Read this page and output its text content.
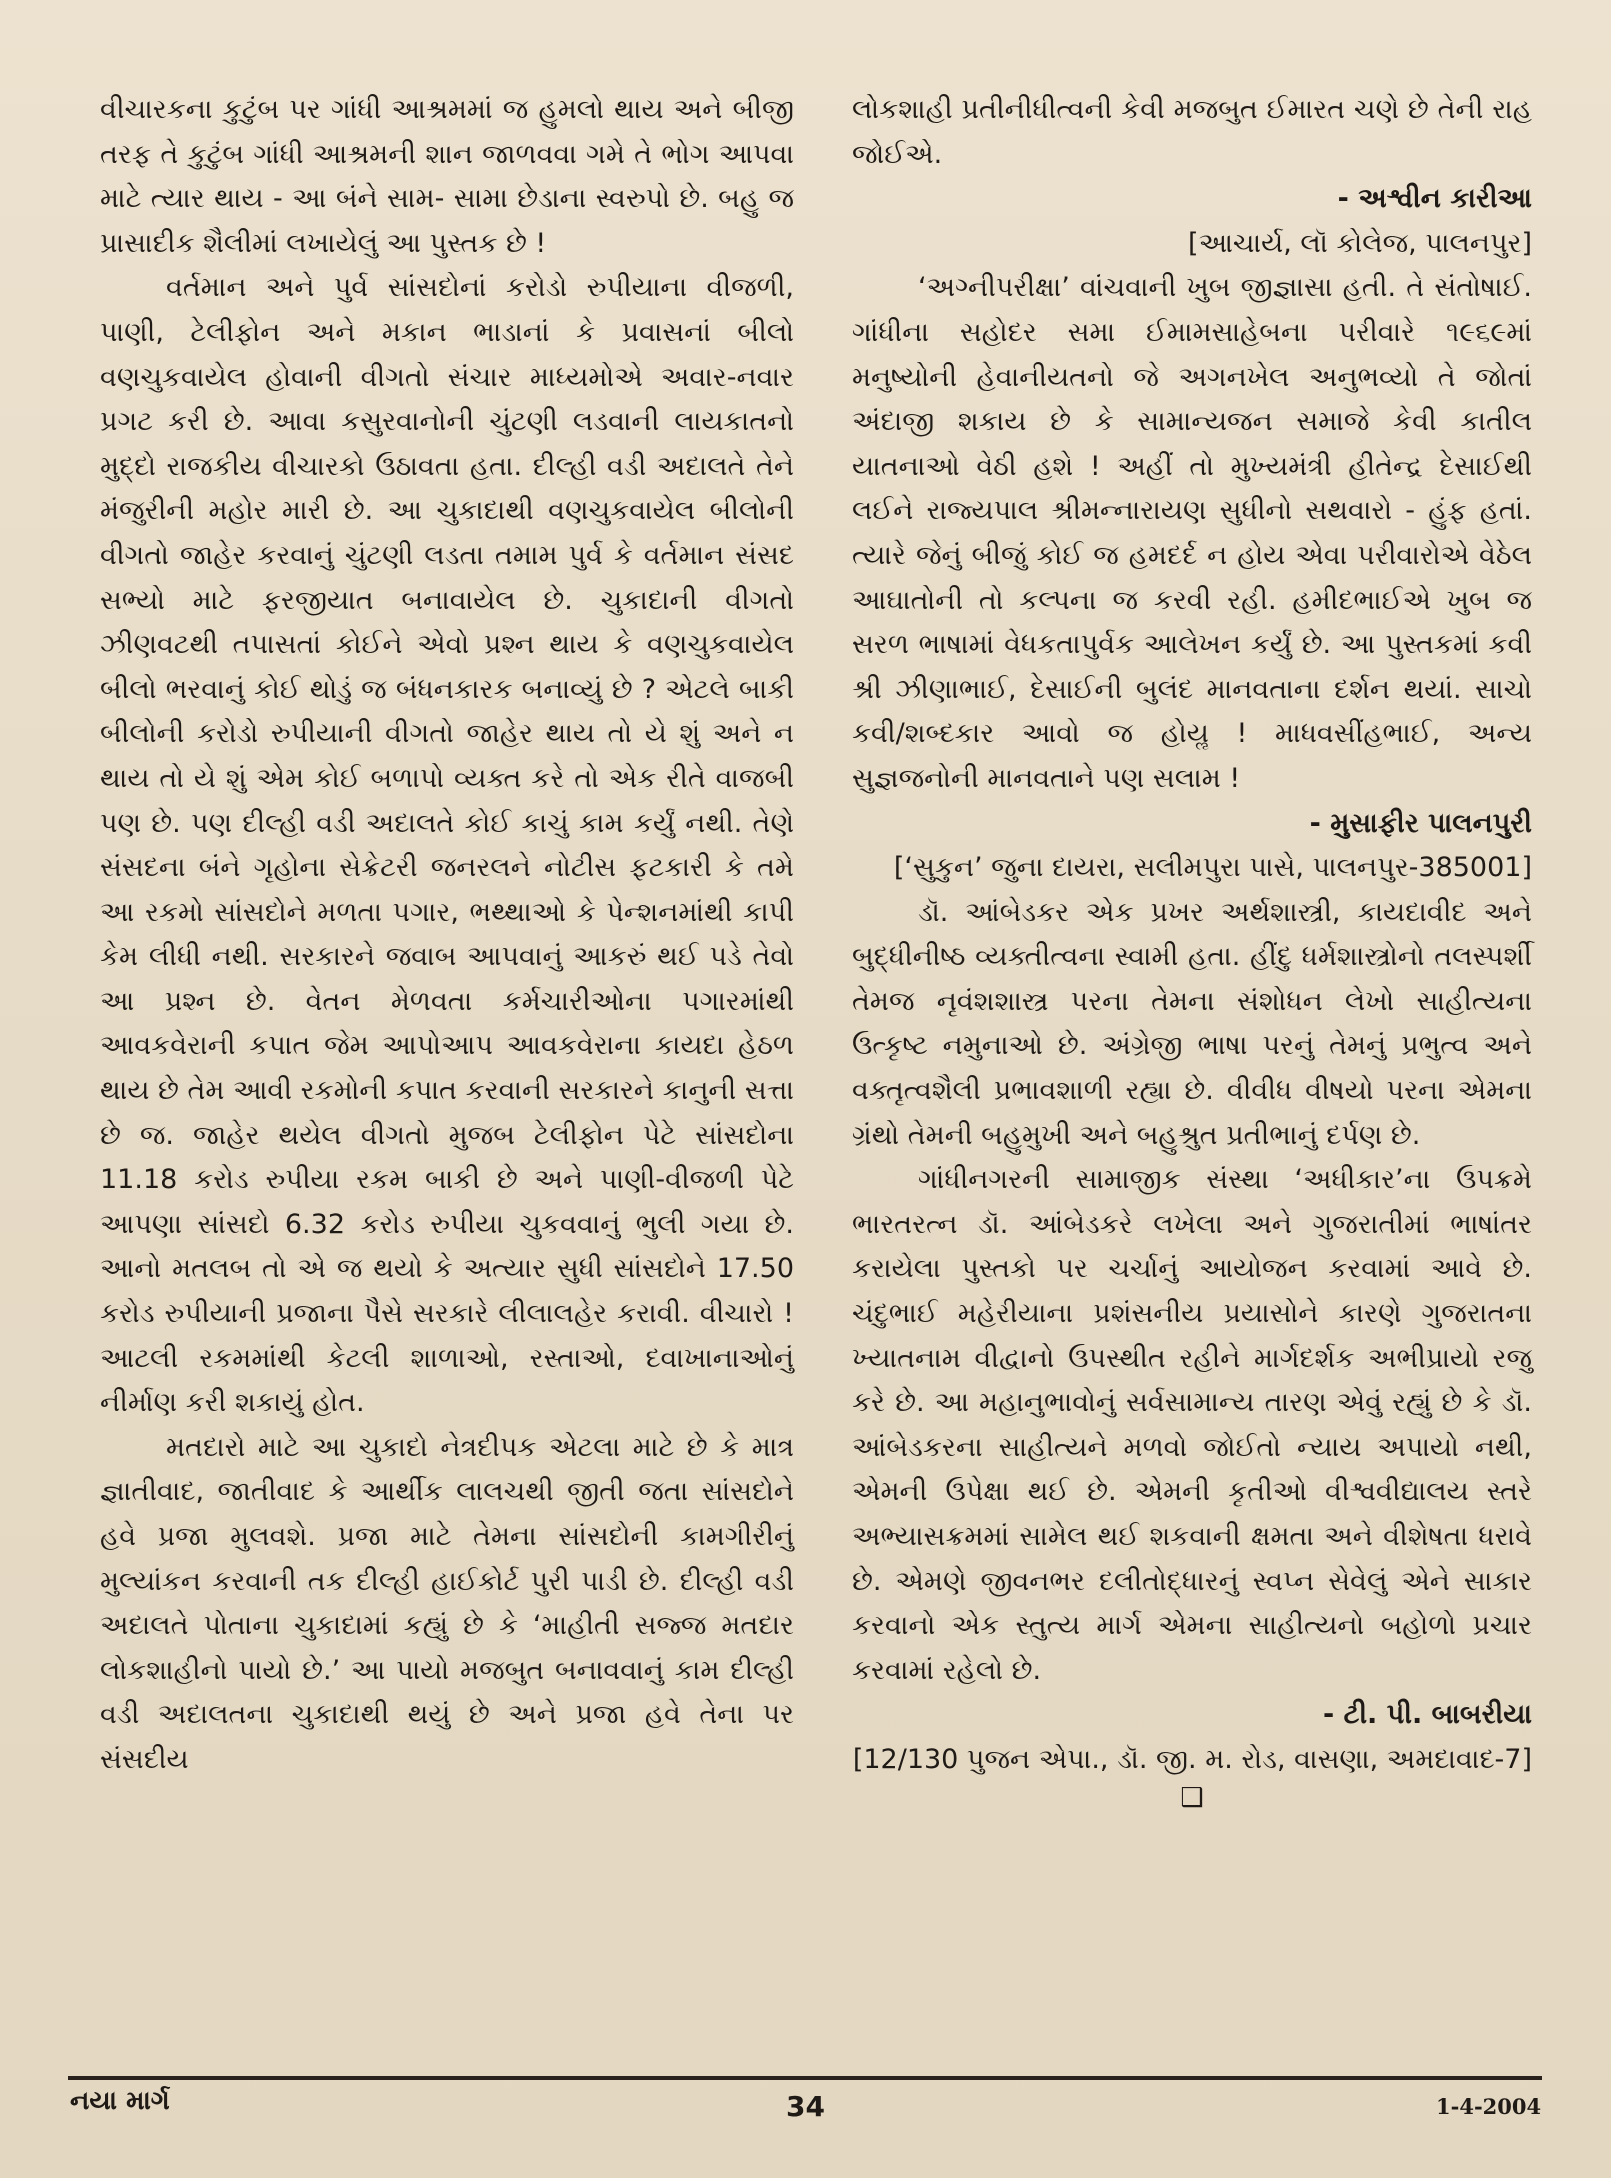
વીચારકના કુટુંબ પર ગાંધી આશ્રમમાં જ હુમલો થાય અને બીજી તરફ તે કુટુંબ ગાંધી આશ્રમની શાન જાળવવા ગમે તે ભોગ આપવા માટે ત્યાર થાય - આ બંને સામ- સામા છેડાના સ્વરુપો છે. બહુ જ પ્રાસાદીક શૈલીમાં લખાયેલું આ પુસ્તક છે !

વર્તમાન અને પુર્વ સાંસદોનાં કરોડો રુપીયાના વીજળી, પાણી, ટેલીફોન અને મકાન ભાડાનાં કે પ્રવાસનાં બીલો વણચુકવાયેલ હોવાની વીગતો સંચાર માધ્યમોએ અવાર-નવાર પ્રગટ કરી છે. આવા કસુરવાનોની ચુંટણી લડવાની લાયકાતનો મુદ્દો રાજકીય વીચારકો ઉઠાવતા હતા. દીલ્હી વડી અદાલતે તેને મંજુરીની મહોર મારી છે. આ ચુકાદાથી વણચુકવાયેલ બીલોની વીગતો જાહેર કરવાનું ચુંટણી લડતા તમામ પુર્વ કે વર્તમાન સંસદ સભ્યો માટે ફરજીયાત બનાવાયેલ છે. ચુકાદાની વીગતો ઝીણવટથી તપાસતાં કોઈને એવો પ્રશ્ન થાય કે વણચુકવાયેલ બીલો ભરવાનું કોઈ થોડું જ બંધનકારક બનાવ્યું છે ? એટલે બાકી બીલોની કરોડો રુપીયાની વીગતો જાહેર થાય તો યે શું અને ન થાય તો યે શું એમ કોઈ બળાપો વ્યક્ત કરે તો એક રીતે વાજબી પણ છે. પણ દીલ્હી વડી અદાલતે કોઈ કાચું કામ કર્યું નથી. તેણે સંસદના બંને ગૃહોના સેક્રેટરી જનરલને નોટીસ ફટકારી કે તમે આ રકમો સાંસદોને મળતા પગાર, ભથ્થાઓ કે પેન્શનમાંથી કાપી કેમ લીધી નથી. સરકારને જવાબ આપવાનું આકરું થઈ પડે તેવો આ પ્રશ્ન છે. વેતન મેળવતા કર્મચારીઓના પગારમાંથી આવકવેરાની કપાત જેમ આપોઆપ આવકવેરાના કાયદા હેઠળ થાય છે તેમ આવી રકમોની કપાત કરવાની સરકારને કાનુની સત્તા છે જ. જાહેર થયેલ વીગતો મુજબ ટેલીફોન પેટે સાંસદોના 11.18 કરોડ રુપીયા રકમ બાકી છે અને પાણી-વીજળી પેટે આપણા સાંસદો 6.32 કરોડ રુપીયા ચુકવવાનું ભુલી ગયા છે. આનો મતલબ તો એ જ થયો કે અત્યાર સુધી સાંસદોને 17.50 કરોડ રુપીયાની પ્રજાના પૈસે સરકારે લીલાલહેર કરાવી. વીચારો ! આટલી રકમમાંથી કેટલી શાળાઓ, રસ્તાઓ, દવાખાનાઓનું નીર્માણ કરી શકાયું હોત.

મતદારો માટે આ ચુકાદો નેત્રદીપક એટલા માટે છે કે માત્ર જ્ઞાતીવાદ, જાતીવાદ કે આર્થીક લાલચથી જીતી જતા સાંસદોને હવે પ્રજા મુલવશે. પ્રજા માટે તેમના સાંસદોની કામગીરીનું મુલ્યાંકન કરવાની તક દીલ્હી હાઈકોર્ટ પુરી પાડી છે. દીલ્હી વડી અદાલતે પોતાના ચુકાદામાં કહ્યું છે કે ‘માહીતી સજ્જ મતદાર લોકશાહીનો પાયો છે.’ આ પાયો મજબુત બનાવવાનું કામ દીલ્હી વડી અદાલતના ચુકાદાથી થયું છે અને પ્રજા હવે તેના પર સંસદીય

લોકશાહી પ્રતીનીધીત્વની કેવી મજબુત ઈમારત ચણે છે તેની રાહ જોઈએ.

- અશ્વીન કારીઆ

[આચાર્ય, લૉ કોલેજ, પાલનપુર]

‘અગ્નીપરીક્ષા’ વાંચવાની ખુબ જીજ્ઞાસા હતી. તે સંતોષાઈ. ગાંધીના સહોદર સમા ઈમામસાહેબના પરીવારે ૧૯૬૯માં મનુષ્યોની હેવાનીયતનો જે અગનખેલ અનુભવ્યો તે જોતાં અંદાજી શકાય છે કે સામાન્યજન સમાજે કેવી કાતીલ યાતનાઓ વેઠી હશે ! અહીં તો મુખ્યમંત્રી હીતેન્દ્ર દેસાઈથી લઈને રાજ્યપાલ શ્રીમન્નારાયણ સુધીનો સથવારો - હુંફ હતાં. ત્યારે જેનું બીજું કોઈ જ હમદર્દ ન હોય એવા પરીવારોએ વેઠેલ આઘાતોની તો કલ્પના જ કરવી રહી. હમીદભાઈએ ખુબ જ સરળ ભાષામાં વેધકતાપુર્વક આલેખન કર્યું છે. આ પુસ્તકમાં કવી શ્રી ઝીણાભાઈ, દેસાઈની બુલંદ માનવતાના દર્શન થયાં. સાચો કવી/શબ્દકાર આવો જ હોયૢ ! માધવસીંહભાઈ, અન્ય સુજ્ઞજનોની માનવતાને પણ સલામ !

- મુસાફીર પાલનપુરી

[‘સુકુન’ જુના દાયરા, સલીમપુરા પાસે, પાલનપુર-385001]

ડૉ. આંબેડકર એક પ્રખર અર્થશાસ્ત્રી, કાયદાવીદ અને બુદ્ધીનીષ્ઠ વ્યક્તીત્વના સ્વામી હતા. હીંદુ ધર્મશાસ્ત્રોનો તલસ્પર્શી તેમજ નૃવંશશાસ્ત્ર પરના તેમના સંશોધન લેખો સાહીત્યના ઉત્કૃષ્ટ નમુનાઓ છે. અંગ્રેજી ભાષા પરનું તેમનું પ્રભુત્વ અને વક્તૃત્વશૈલી પ્રભાવશાળી રહ્યા છે. વીવીધ વીષયો પરના એમના ગ્રંથો તેમની બહુમુખી અને બહુશ્રુત પ્રતીભાનું દર્પણ છે.

ગાંધીનગરની સામાજીક સંસ્થા ‘અધીકાર’ના ઉપક્રમે ભારતરત્ન ડૉ. આંબેડકરે લખેલા અને ગુજરાતીમાં ભાષાંતર કરાયેલા પુસ્તકો પર ચર્ચાનું આયોજન કરવામાં આવે છે. ચંદુભાઈ મહેરીયાના પ્રશંસનીય પ્રયાસોને કારણે ગુજરાતના ખ્યાતનામ વીદ્વાનો ઉપસ્થીત રહીને માર્ગદર્શક અભીપ્રાયો રજુ કરે છે. આ મહાનુભાવોનું સર્વસામાન્ય તારણ એવું રહ્યું છે કે ડૉ. આંબેડકરના સાહીત્યને મળવો જોઈતો ન્યાય અપાયો નથી, એમની ઉપેક્ષા થઈ છે. એમની કૃતીઓ વીશ્વવીદ્યાલય સ્તરે અભ્યાસક્રમમાં સામેલ થઈ શકવાની ક્ષમતા અને વીશેષતા ધરાવે છે. એમણે જીવનભર દલીતોદ્ધારનું સ્વપ્ન સેવેલું એને સાકાર કરવાનો એક સ્તુત્ય માર્ગ એમના સાહીત્યનો બહોળો પ્રચાર કરવામાં રહેલો છે.

- ટી. પી. બાબરીયા

[12/130 પુજન એપા., ડૉ. જી. મ. રોડ, વાસણા, અમદાવાદ-7]

❑

નયા માર્ગ	34	1-4-2004
